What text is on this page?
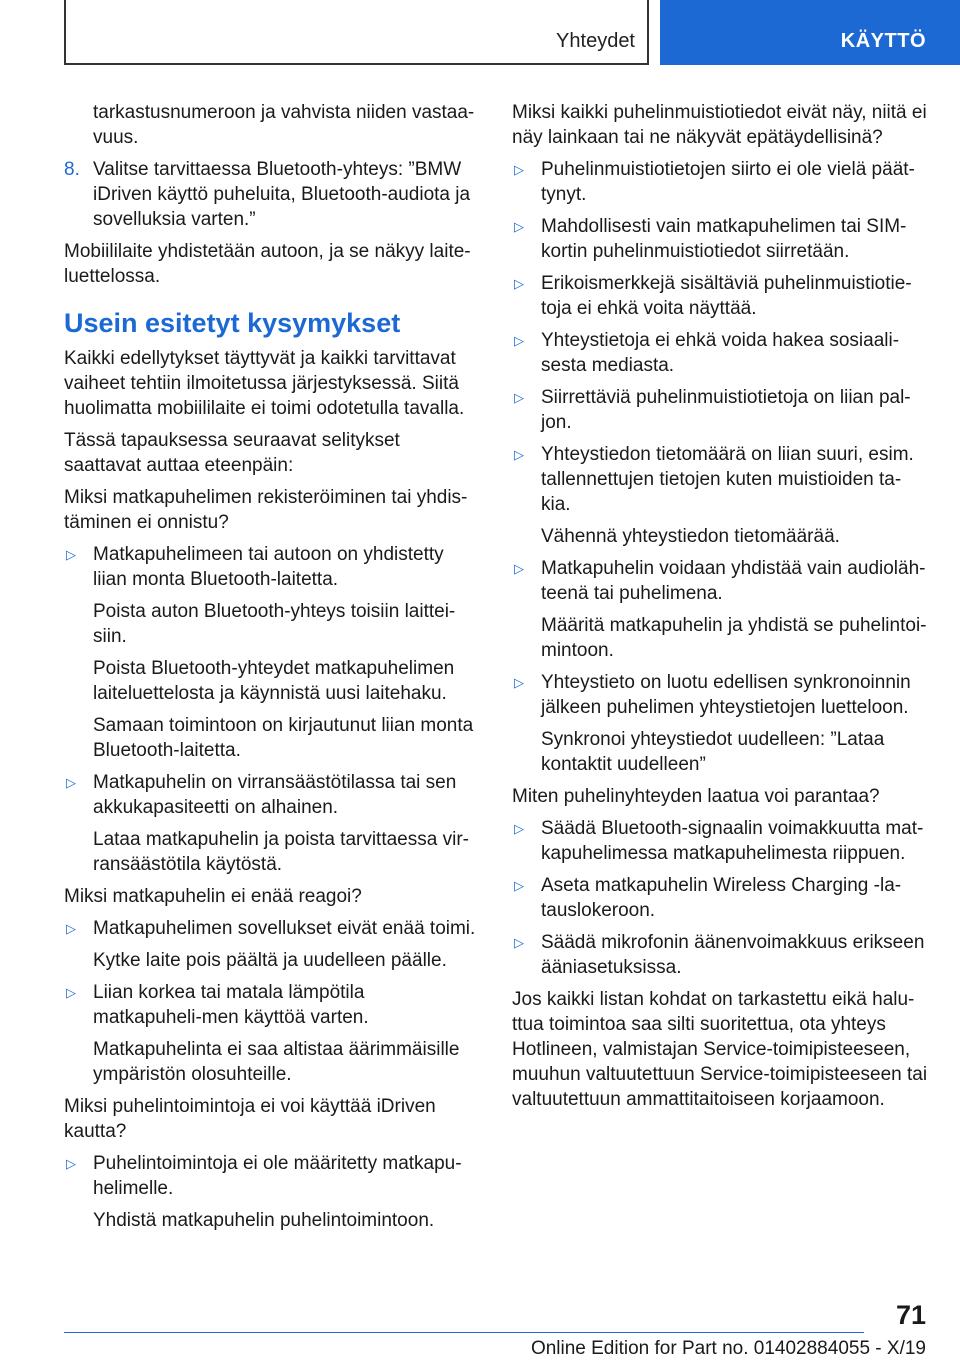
Yhteydet	KÄYTTÖ
tarkastusnumeroon ja vahvista niiden vastaa-vuus.
8. Valitse tarvittaessa Bluetooth-yhteys: ”BMW iDriven käyttö puheluita, Bluetooth-audiota ja sovelluksia varten.”
Mobiililaite yhdistetään autoon, ja se näkyy laite-luettelossa.
Usein esitetyt kysymykset
Kaikki edellytykset täyttyvät ja kaikki tarvittavat vaiheet tehtiin ilmoitetussa järjestyksessä. Siitä huolimatta mobiililaite ei toimi odotetulla tavalla.
Tässä tapauksessa seuraavat selitykset saattavat auttaa eteenpäin:
Miksi matkapuhelimen rekisteröiminen tai yhdis-täminen ei onnistu?
▷ Matkapuhelimeen tai autoon on yhdistetty liian monta Bluetooth-laitetta.
Poista auton Bluetooth-yhteys toisiin laittei-siin.
Poista Bluetooth-yhteydet matkapuhelimen laiteluettelosta ja käynnistä uusi laitehaku.
Samaan toimintoon on kirjautunut liian monta Bluetooth-laitetta.
▷ Matkapuhelin on virransäästötilassa tai sen akkukapasiteetti on alhainen.
Lataa matkapuhelin ja poista tarvittaessa vir-ransäästötila käytöstä.
Miksi matkapuhelin ei enää reagoi?
▷ Matkapuhelimen sovellukset eivät enää toimi.
Kytke laite pois päältä ja uudelleen päälle.
▷ Liian korkea tai matala lämpötila matkapuheli-men käyttöä varten.
Matkapuhelinta ei saa altistaa äärimmäisille ympäristön olosuhteille.
Miksi puhelintoimintoja ei voi käyttää iDriven kautta?
▷ Puhelintoimintoja ei ole määritetty matkapu-helimelle.
Yhdistä matkapuhelin puhelintoimintoon.
Miksi kaikki puhelinmuistiotiedot eivät näy, niitä ei näy lainkaan tai ne näkyvät epätäydellisinä?
▷ Puhelinmuistiotietojen siirto ei ole vielä päät-tynyt.
▷ Mahdollisesti vain matkapuhelimen tai SIM-kortin puhelinmuistiotiedot siirretään.
▷ Erikoismerkkejä sisältäviä puhelinmuistiotie-toja ei ehkä voita näyttää.
▷ Yhteystietoja ei ehkä voida hakea sosiaali-sesta mediasta.
▷ Siirrettäviä puhelinmuistiotietoja on liian pal-jon.
▷ Yhteystiedon tietomäärä on liian suuri, esim. tallennettujen tietojen kuten muistioiden ta-kia.
Vähennä yhteystiedon tietomäärää.
▷ Matkapuhelin voidaan yhdistää vain audioläh-teenä tai puhelimena.
Määritä matkapuhelin ja yhdistä se puhelintoi-mintoon.
▷ Yhteystieto on luotu edellisen synkronoinnin jälkeen puhelimen yhteystietojen luetteloon.
Synkronoi yhteystiedot uudelleen: ”Lataa kontaktit uudelleen”
Miten puhelinyhteyden laatua voi parantaa?
▷ Säädä Bluetooth-signaalin voimakkuutta mat-kapuhelimessa matkapuhelimesta riippuen.
▷ Aseta matkapuhelin Wireless Charging -la-tauslokeroon.
▷ Säädä mikrofonin äänenvoimakkuus erikseen ääniasetuksissa.
Jos kaikki listan kohdat on tarkastettu eikä halu-ttua toimintoa saa silti suoritettua, ota yhteys Hotlineen, valmistajan Service-toimipisteeseen, muuhun valtuutettuun Service-toimipisteeseen tai valtuutettuun ammattitaitoiseen korjaamoon.
71
Online Edition for Part no. 01402884055 - X/19
